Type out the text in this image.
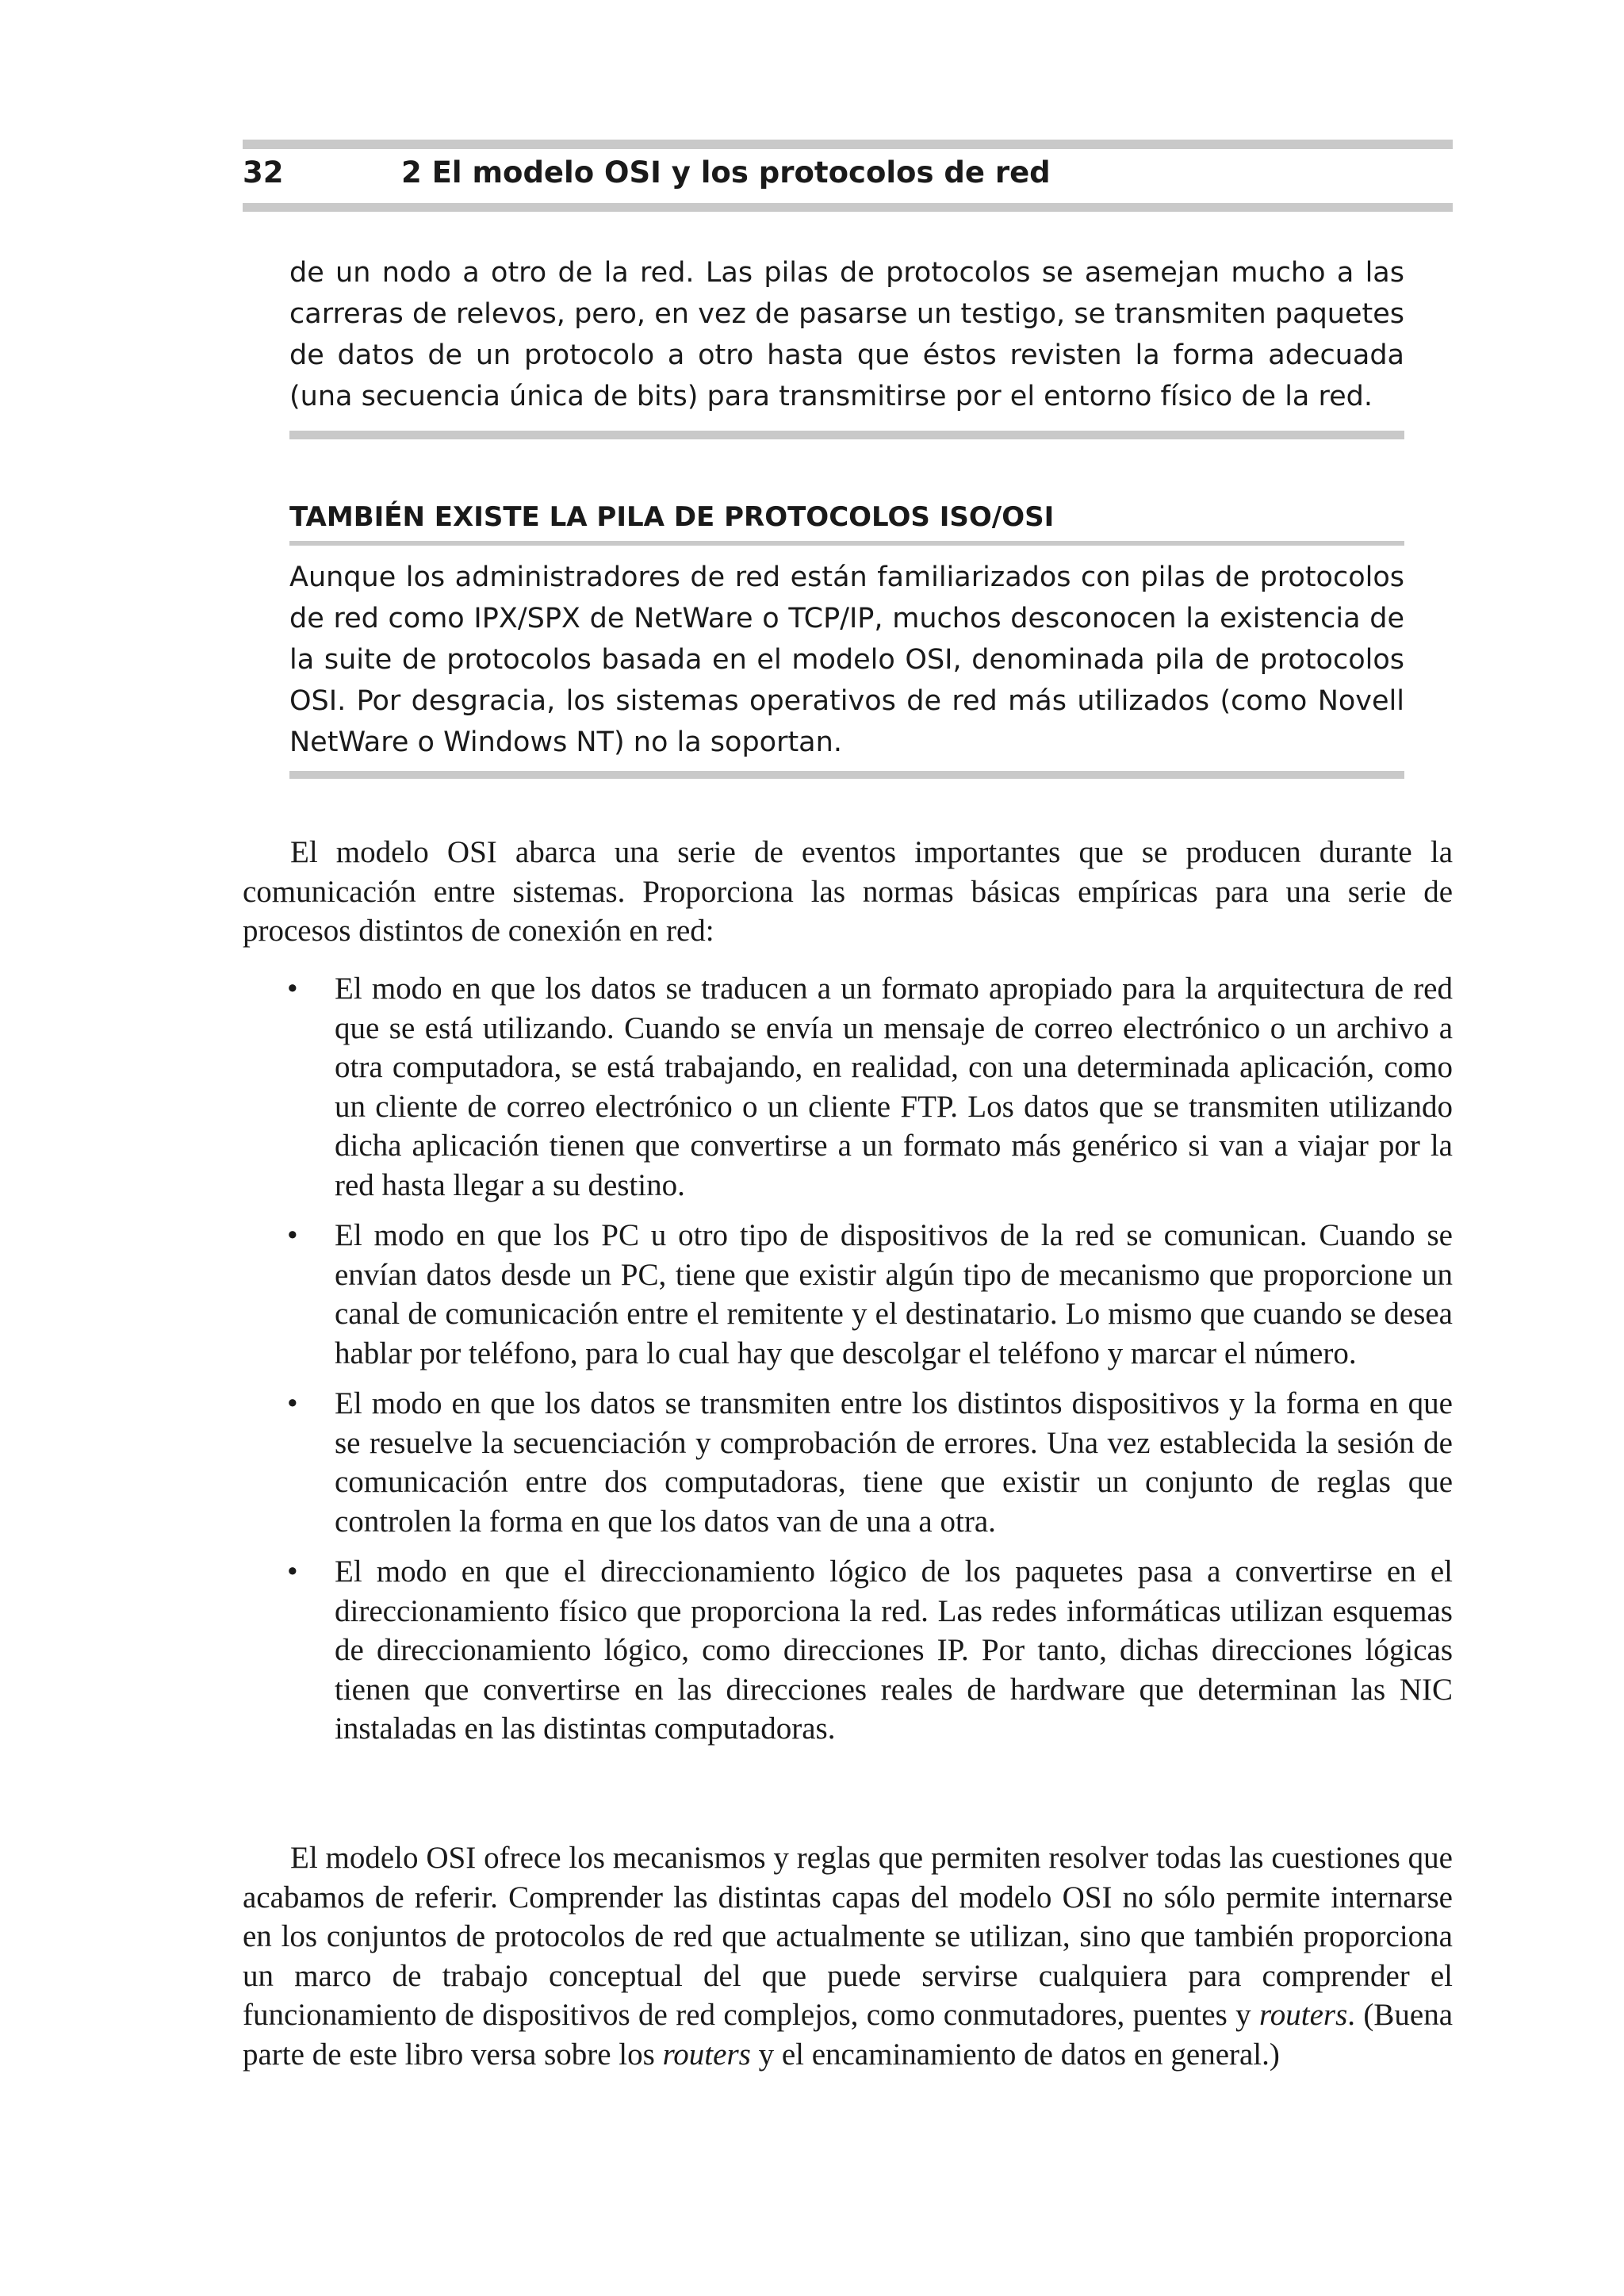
32	2 El modelo OSI y los protocolos de red

de un nodo a otro de la red. Las pilas de protocolos se asemejan mucho a las carreras de relevos, pero, en vez de pasarse un testigo, se transmiten paquetes de datos de un protocolo a otro hasta que éstos revisten la forma adecuada (una secuencia única de bits) para transmitirse por el entorno físico de la red.

TAMBIÉN EXISTE LA PILA DE PROTOCOLOS ISO/OSI

Aunque los administradores de red están familiarizados con pilas de protocolos de red como IPX/SPX de NetWare o TCP/IP, muchos desconocen la existencia de la suite de protocolos basada en el modelo OSI, denominada pila de protocolos OSI. Por desgracia, los sistemas operativos de red más utilizados (como Novell NetWare o Windows NT) no la soportan.

El modelo OSI abarca una serie de eventos importantes que se producen durante la comunicación entre sistemas. Proporciona las normas básicas empíricas para una serie de procesos distintos de conexión en red:

• El modo en que los datos se traducen a un formato apropiado para la arquitectura de red que se está utilizando. Cuando se envía un mensaje de correo electrónico o un archivo a otra computadora, se está trabajando, en realidad, con una determinada aplicación, como un cliente de correo electrónico o un cliente FTP. Los datos que se transmiten utilizando dicha aplicación tienen que convertirse a un formato más genérico si van a viajar por la red hasta llegar a su destino.
• El modo en que los PC u otro tipo de dispositivos de la red se comunican. Cuando se envían datos desde un PC, tiene que existir algún tipo de mecanismo que proporcione un canal de comunicación entre el remitente y el destinatario. Lo mismo que cuando se desea hablar por teléfono, para lo cual hay que descolgar el teléfono y marcar el número.
• El modo en que los datos se transmiten entre los distintos dispositivos y la forma en que se resuelve la secuenciación y comprobación de errores. Una vez establecida la sesión de comunicación entre dos computadoras, tiene que existir un conjunto de reglas que controlen la forma en que los datos van de una a otra.
• El modo en que el direccionamiento lógico de los paquetes pasa a convertirse en el direccionamiento físico que proporciona la red. Las redes informáticas utilizan esquemas de direccionamiento lógico, como direcciones IP. Por tanto, dichas direcciones lógicas tienen que convertirse en las direcciones reales de hardware que determinan las NIC instaladas en las distintas computadoras.

El modelo OSI ofrece los mecanismos y reglas que permiten resolver todas las cuestiones que acabamos de referir. Comprender las distintas capas del modelo OSI no sólo permite internarse en los conjuntos de protocolos de red que actualmente se utilizan, sino que también proporciona un marco de trabajo conceptual del que puede servirse cualquiera para comprender el funcionamiento de dispositivos de red complejos, como conmutadores, puentes y routers. (Buena parte de este libro versa sobre los routers y el encaminamiento de datos en general.)
